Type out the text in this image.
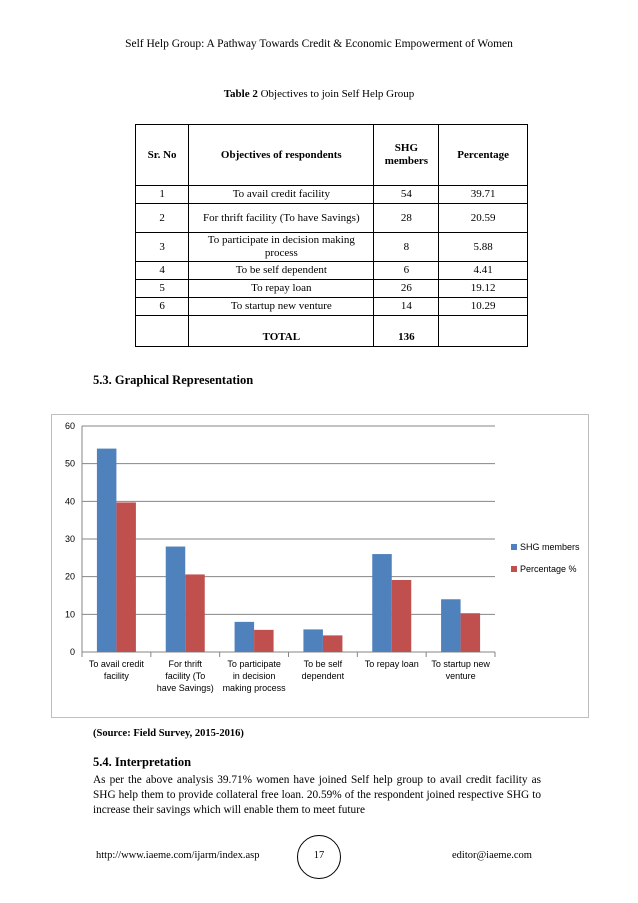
Self Help Group: A Pathway Towards Credit & Economic Empowerment of Women
Table 2 Objectives to join Self Help Group
Sr. No	Objectives of respondents	SHG members	Percentage
1	To avail credit facility	54	39.71
2	For thrift facility (To have Savings)	28	20.59
3	To participate in decision making process	8	5.88
4	To be self dependent	6	4.41
5	To repay loan	26	19.12
6	To startup new venture	14	10.29
	TOTAL	136	
5.3. Graphical Representation
0
10
20
30
40
50
60
To avail credit facility
For thrift facility (To have Savings)
To participate in decision making process
To be self dependent
To repay loan To startup new venture
SHG members
Percentage %
(Source: Field Survey, 2015-2016)
5.4. Interpretation
As per the above analysis 39.71% women have joined Self help group to avail credit facility as SHG help them to provide collateral free loan. 20.59% of the respondent joined respective SHG to increase their savings which will enable them to meet future
http://www.iaeme.com/ijarm/index.asp	17	editor@iaeme.com
